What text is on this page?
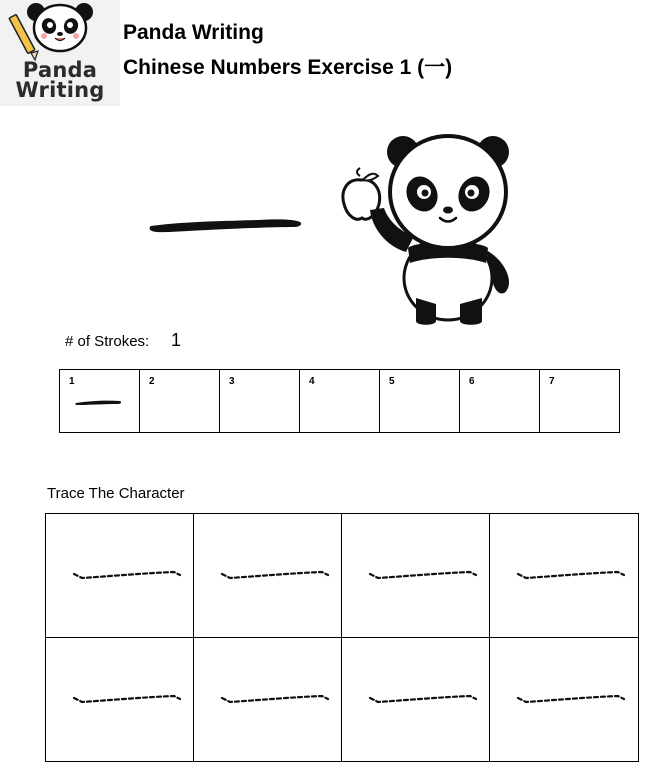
Panda
Writing
Panda Writing
Chinese Numbers Exercise 1 (一)
# of Strokes: 1
1	2	3	4	5	6	7
Trace The Character
